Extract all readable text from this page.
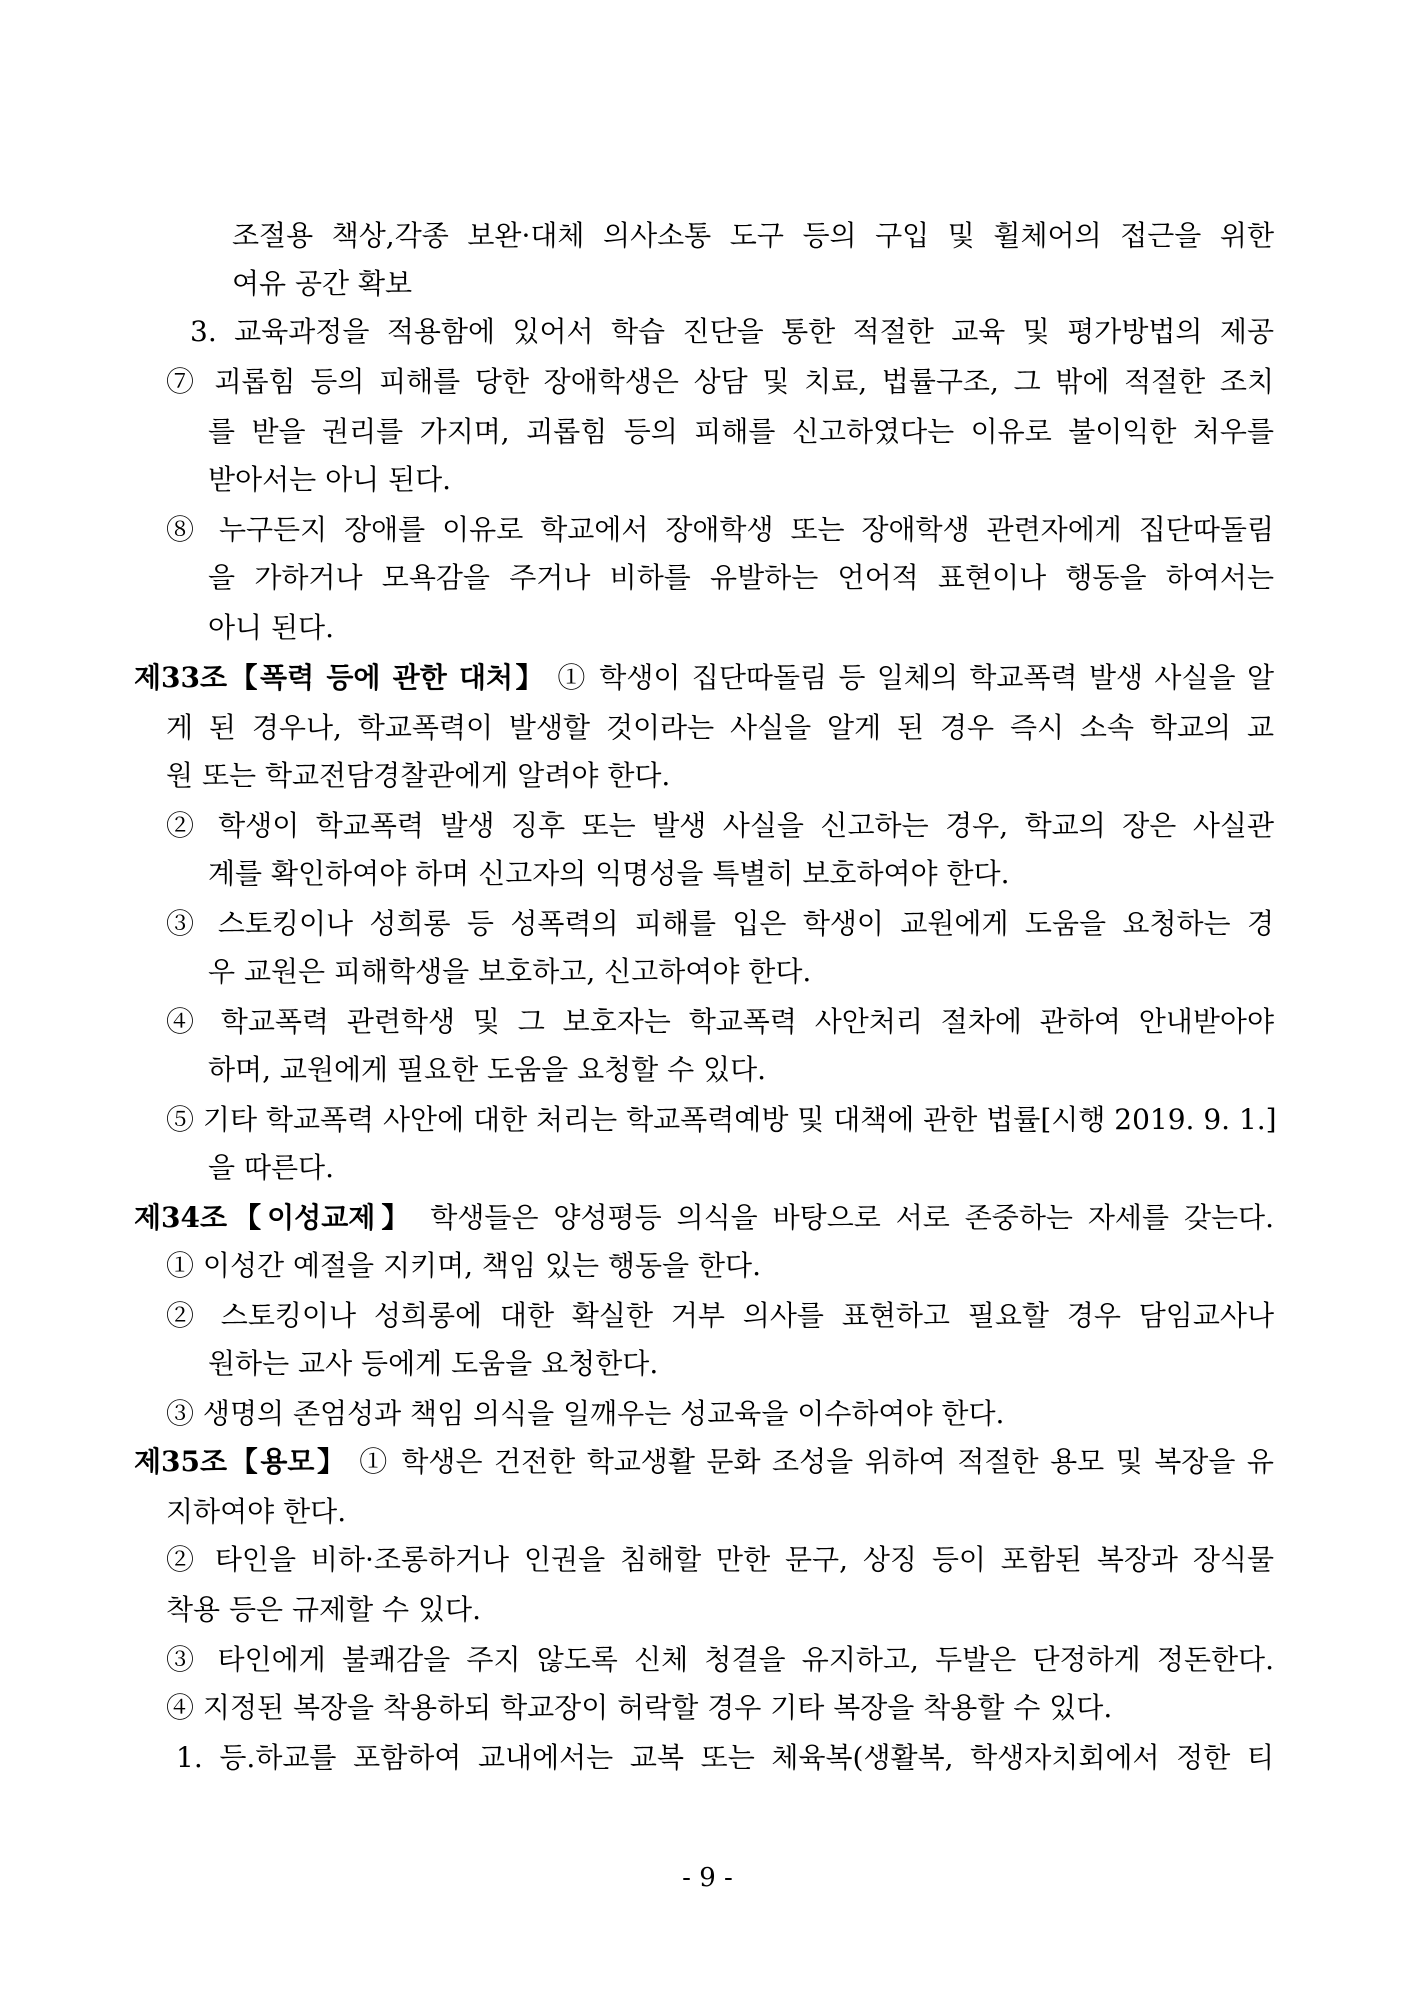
조절용 책상,각종 보완·대체 의사소통 도구 등의 구입 및 휠체어의 접근을 위한
여유 공간 확보
3. 교육과정을 적용함에 있어서 학습 진단을 통한 적절한 교육 및 평가방법의 제공
⑦ 괴롭힘 등의 피해를 당한 장애학생은 상담 및 치료, 법률구조, 그 밖에 적절한 조치
를 받을 권리를 가지며, 괴롭힘 등의 피해를 신고하였다는 이유로 불이익한 처우를
받아서는 아니 된다.
⑧ 누구든지 장애를 이유로 학교에서 장애학생 또는 장애학생 관련자에게 집단따돌림
을 가하거나 모욕감을 주거나 비하를 유발하는 언어적 표현이나 행동을 하여서는
아니 된다.
제33조【폭력 등에 관한 대처】 ① 학생이 집단따돌림 등 일체의 학교폭력 발생 사실을 알
게 된 경우나, 학교폭력이 발생할 것이라는 사실을 알게 된 경우 즉시 소속 학교의 교
원 또는 학교전담경찰관에게 알려야 한다.
② 학생이 학교폭력 발생 징후 또는 발생 사실을 신고하는 경우, 학교의 장은 사실관
계를 확인하여야 하며 신고자의 익명성을 특별히 보호하여야 한다.
③ 스토킹이나 성희롱 등 성폭력의 피해를 입은 학생이 교원에게 도움을 요청하는 경
우 교원은 피해학생을 보호하고, 신고하여야 한다.
④ 학교폭력 관련학생 및 그 보호자는 학교폭력 사안처리 절차에 관하여 안내받아야
하며, 교원에게 필요한 도움을 요청할 수 있다.
⑤ 기타 학교폭력 사안에 대한 처리는 학교폭력예방 및 대책에 관한 법률[시행 2019. 9. 1.]
을 따른다.
제34조【이성교제】 학생들은 양성평등 의식을 바탕으로 서로 존중하는 자세를 갖는다.
① 이성간 예절을 지키며, 책임 있는 행동을 한다.
② 스토킹이나 성희롱에 대한 확실한 거부 의사를 표현하고 필요할 경우 담임교사나
원하는 교사 등에게 도움을 요청한다.
③ 생명의 존엄성과 책임 의식을 일깨우는 성교육을 이수하여야 한다.
제35조【용모】 ① 학생은 건전한 학교생활 문화 조성을 위하여 적절한 용모 및 복장을 유
지하여야 한다.
② 타인을 비하·조롱하거나 인권을 침해할 만한 문구, 상징 등이 포함된 복장과 장식물
착용 등은 규제할 수 있다.
③ 타인에게 불쾌감을 주지 않도록 신체 청결을 유지하고, 두발은 단정하게 정돈한다.
④ 지정된 복장을 착용하되 학교장이 허락할 경우 기타 복장을 착용할 수 있다.
1. 등.하교를 포함하여 교내에서는 교복 또는 체육복(생활복, 학생자치회에서 정한 티
- 9 -
